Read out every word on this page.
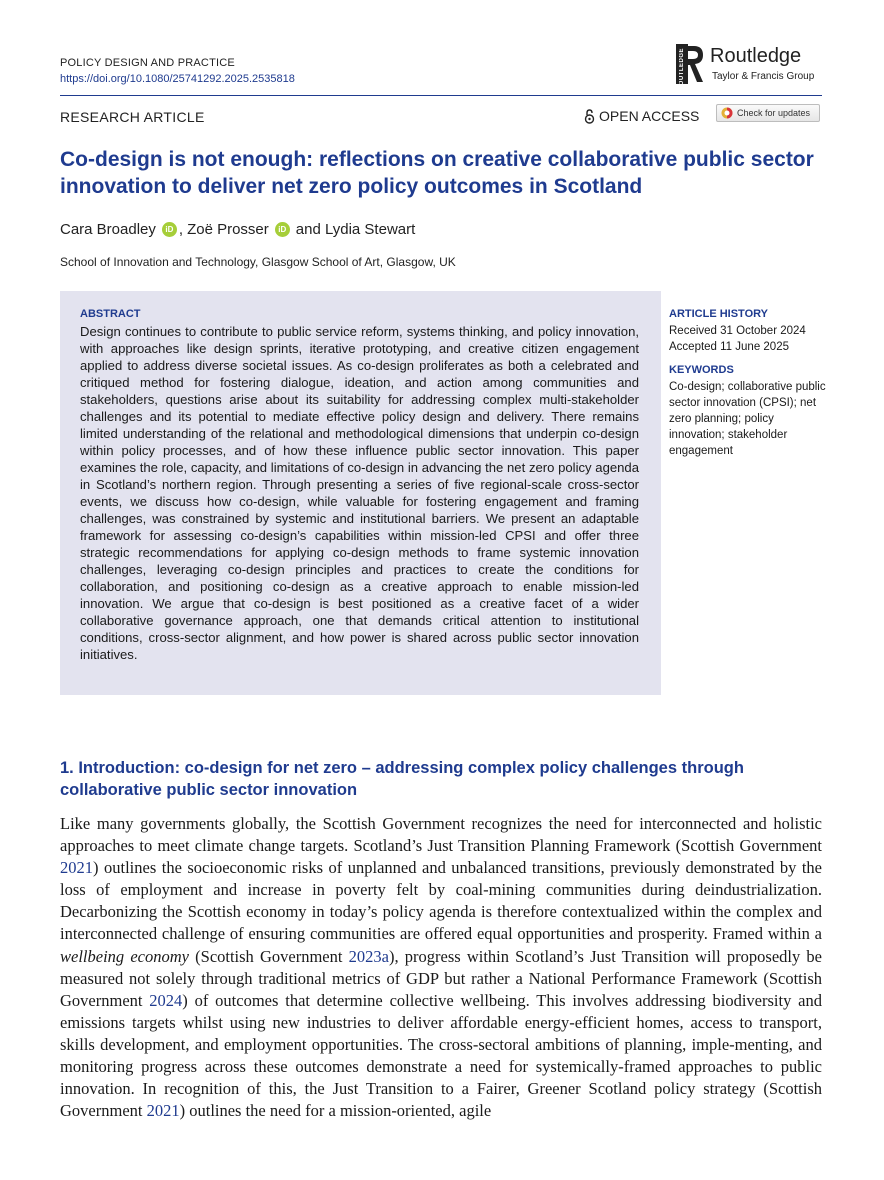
POLICY DESIGN AND PRACTICE
https://doi.org/10.1080/25741292.2025.2535818	ROUTLEDGE Routledge
Taylor & Francis Group
RESEARCH ARTICLE	OPEN ACCESS	Check for updates
Co-design is not enough: reflections on creative collaborative public sector innovation to deliver net zero policy outcomes in Scotland
Cara Broadley	iD , Zoë Prosser	iD and Lydia Stewart
School of Innovation and Technology, Glasgow School of Art, Glasgow, UK
ABSTRACT
Design continues to contribute to public service reform, systems thinking, and policy innovation, with approaches like design sprints, iterative prototyping, and creative citizen engagement applied to address diverse societal issues. As co-design proliferates as both a celebrated and critiqued method for fostering dialogue, ideation, and action among communities and stakeholders, questions arise about its suitability for addressing complex multi-stakeholder challenges and its potential to mediate effective policy design and delivery. There remains limited understanding of the relational and methodological dimensions that underpin co-design within policy processes, and of how these influence public sector innovation. This paper examines the role, capacity, and limitations of co-design in advancing the net zero policy agenda in Scotland’s northern region. Through presenting a series of five regional-scale cross-sector events, we discuss how co-design, while valuable for fostering engagement and framing challenges, was constrained by systemic and institutional barriers. We present an adaptable framework for assessing co-design’s capabilities within mission-led CPSI and offer three strategic recommendations for applying co-design methods to frame systemic innovation challenges, leveraging co-design principles and practices to create the conditions for collaboration, and positioning co-design as a creative approach to enable mission-led innovation. We argue that co-design is best positioned as a creative facet of a wider collaborative governance approach, one that demands critical attention to institutional conditions, cross-sector alignment, and how power is shared across public sector innovation initiatives.
ARTICLE HISTORY
Received 31 October 2024
Accepted 11 June 2025
KEYWORDS
Co-design; collaborative public sector innovation (CPSI); net zero planning; policy innovation; stakeholder engagement
1. Introduction: co-design for net zero – addressing complex policy challenges through collaborative public sector innovation
Like many governments globally, the Scottish Government recognizes the need for interconnected and holistic approaches to meet climate change targets. Scotland’s Just Transition Planning Framework (Scottish Government 2021) outlines the socioeconomic risks of unplanned and unbalanced transitions, previously demonstrated by the loss of employment and increase in poverty felt by coal-mining communities during deindustrialization. Decarbonizing the Scottish economy in today’s policy agenda is therefore contextualized within the complex and interconnected challenge of ensuring communities are offered equal opportunities and prosperity. Framed within a wellbeing economy (Scottish Government 2023a), progress within Scotland’s Just Transition will proposedly be measured not solely through traditional metrics of GDP but rather a National Performance Framework (Scottish Government 2024) of outcomes that determine collective wellbeing. This involves addressing biodiversity and emissions targets whilst using new industries to deliver affordable energy-efficient homes, access to transport, skills development, and employment opportunities. The cross-sectoral ambitions of planning, imple-menting, and monitoring progress across these outcomes demonstrate a need for systemically-framed approaches to public innovation. In recognition of this, the Just Transition to a Fairer, Greener Scotland policy strategy (Scottish Government 2021) outlines the need for a mission-oriented, agile
